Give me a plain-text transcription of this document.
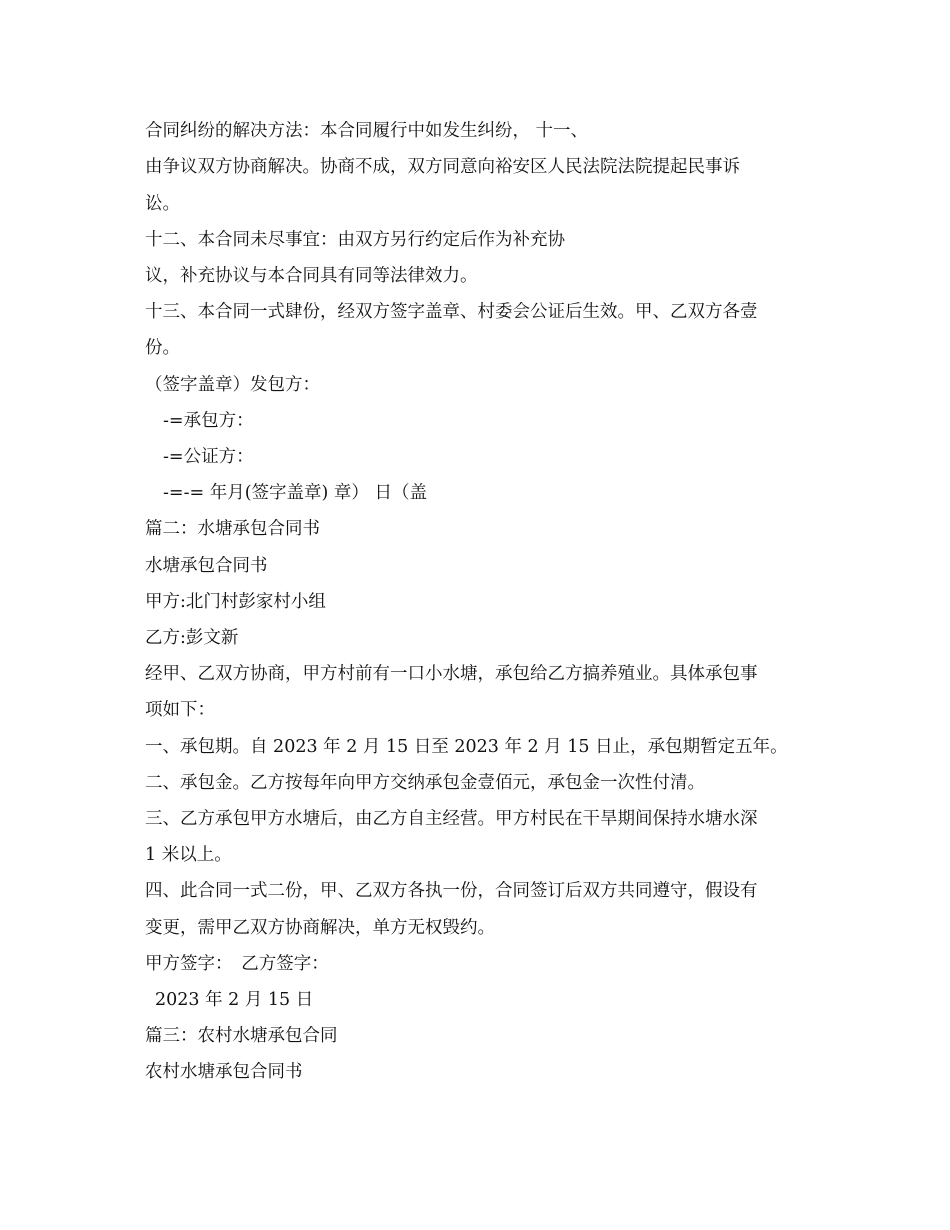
合同纠纷的解决方法：本合同履行中如发生纠纷， 十一、
由争议双方协商解决。协商不成，双方同意向裕安区人民法院法院提起民事诉
讼。
十二、本合同未尽事宜：由双方另行约定后作为补充协
议，补充协议与本合同具有同等法律效力。
十三、本合同一式肆份，经双方签字盖章、村委会公证后生效。甲、乙双方各壹
份。
（签字盖章）发包方：
-=承包方：
-=公证方：
-=-= 年月(签字盖章) 章） 日（盖
篇二：水塘承包合同书
水塘承包合同书
甲方:北门村彭家村小组
乙方:彭文新
经甲、乙双方协商，甲方村前有一口小水塘，承包给乙方搞养殖业。具体承包事
项如下：
一、承包期。自 2023 年 2 月 15 日至 2023 年 2 月 15 日止，承包期暂定五年。
二、承包金。乙方按每年向甲方交纳承包金壹佰元，承包金一次性付清。
三、乙方承包甲方水塘后，由乙方自主经营。甲方村民在干旱期间保持水塘水深
1 米以上。
四、此合同一式二份，甲、乙双方各执一份，合同签订后双方共同遵守，假设有
变更，需甲乙双方协商解决，单方无权毁约。
甲方签字：　乙方签字：
2023 年 2 月 15 日
篇三：农村水塘承包合同
农村水塘承包合同书
